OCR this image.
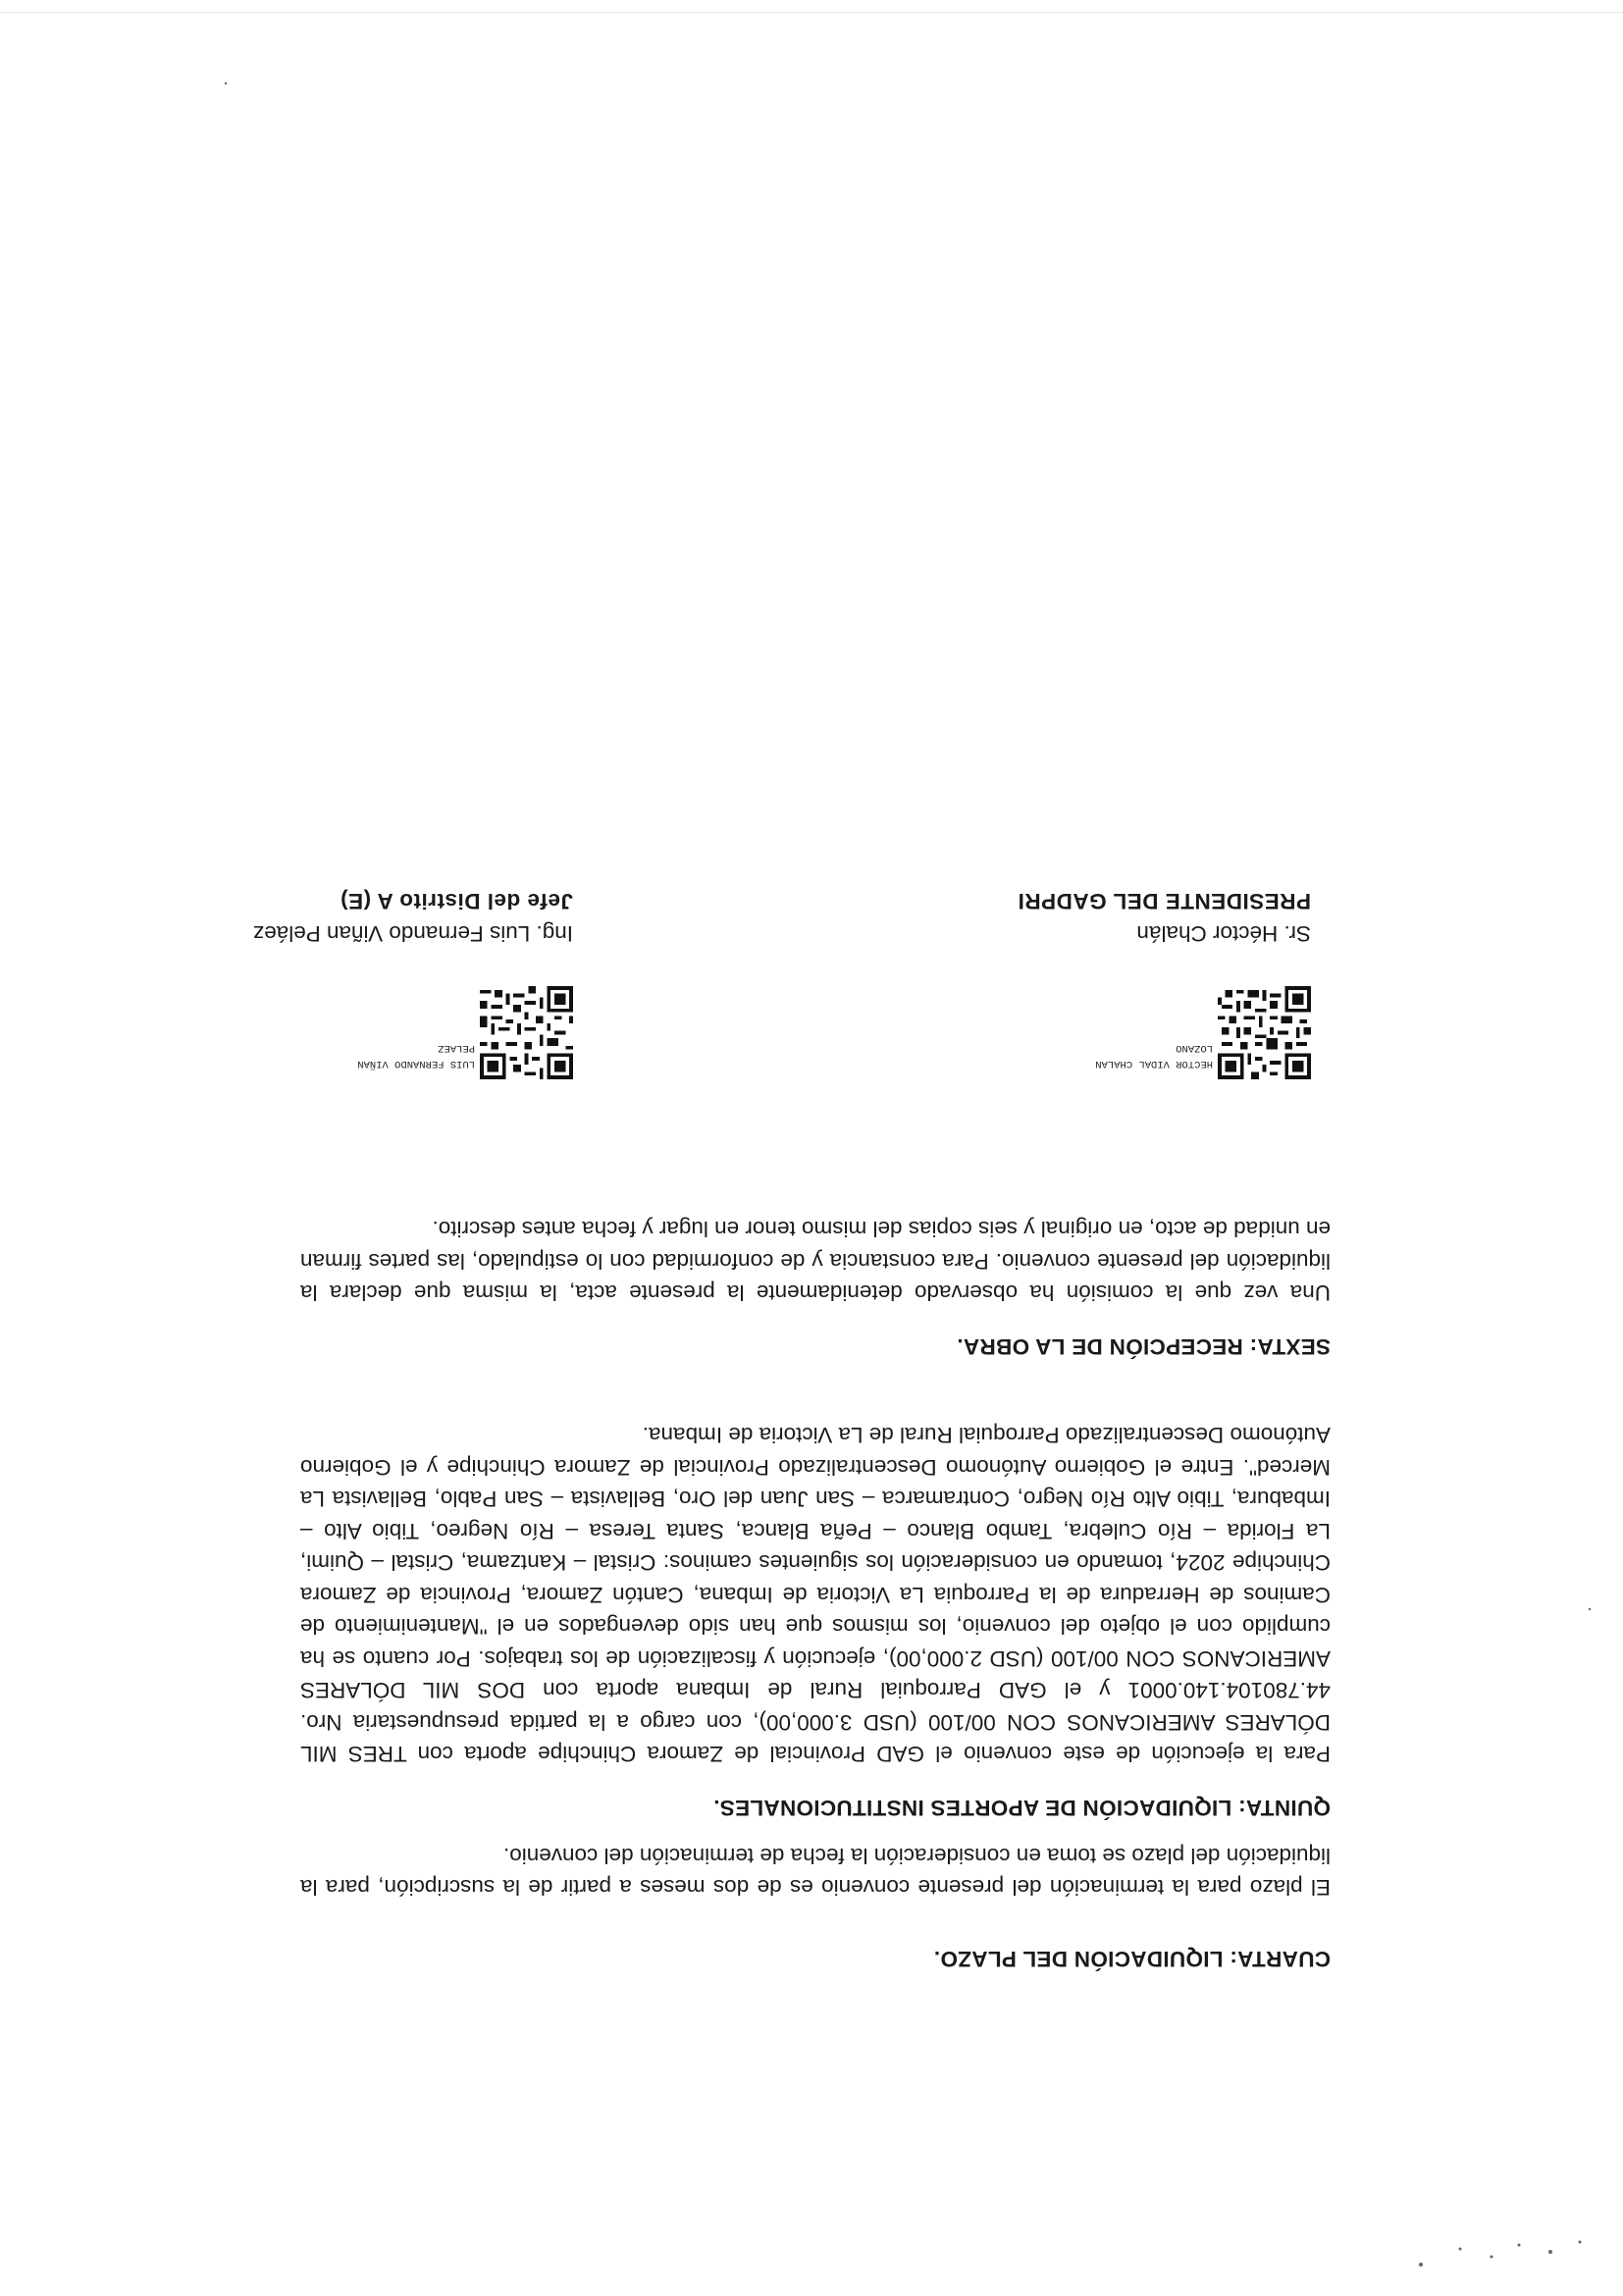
CUARTA: LIQUIDACIÓN DEL PLAZO.

El plazo para la terminación del presente convenio es de dos meses a partir de la suscripción, para la liquidación del plazo se toma en consideración la fecha de terminación del convenio.

QUINTA: LIQUIDACIÓN DE APORTES INSTITUCIONALES.

Para la ejecución de este convenio el GAD Provincial de Zamora Chinchipe aporta con TRES MIL DÓLARES AMERICANOS CON 00/100 (USD 3.000,00), con cargo a la partida presupuestaria Nro. 44.780104.140.0001 y el GAD Parroquial Rural de Imbana aporta con DOS MIL DÓLARES AMERICANOS CON 00/100 (USD 2.000,00), ejecución y fiscalización de los trabajos. Por cuanto se ha cumplido con el objeto del convenio, los mismos que han sido devengados en el "Mantenimiento de Caminos de Herradura de la Parroquia La Victoria de Imbana, Cantón Zamora, Provincia de Zamora Chinchipe 2024, tomando en consideración los siguientes caminos: Cristal – Kantzama, Cristal – Quimi, La Florida – Río Culebra, Tambo Blanco – Peña Blanca, Santa Teresa – Río Negreo, Tibio Alto – Imbabura, Tibio Alto Río Negro, Contramarca – San Juan del Oro, Bellavista – San Pablo, Bellavista La Merced". Entre el Gobierno Autónomo Descentralizado Provincial de Zamora Chinchipe y el Gobierno Autónomo Descentralizado Parroquial Rural de La Victoria de Imbana.

SEXTA: RECEPCIÓN DE LA OBRA.

Una vez que la comisión ha observado detenidamente la presente acta, la misma que declara la liquidación del presente convenio. Para constancia y de conformidad con lo estipulado, las partes firman en unidad de acto, en original y seis copias del mismo tenor en lugar y fecha antes descrito.

HECTOR VIDAL CHALAN
LOZANO
Sr. Héctor Chalán
PRESIDENTE DEL GADPRI
LUIS FERNANDO VIÑAN
PELAEZ
Ing. Luis Fernando Viñan Peláez
Jefe del Distrito A (E)
